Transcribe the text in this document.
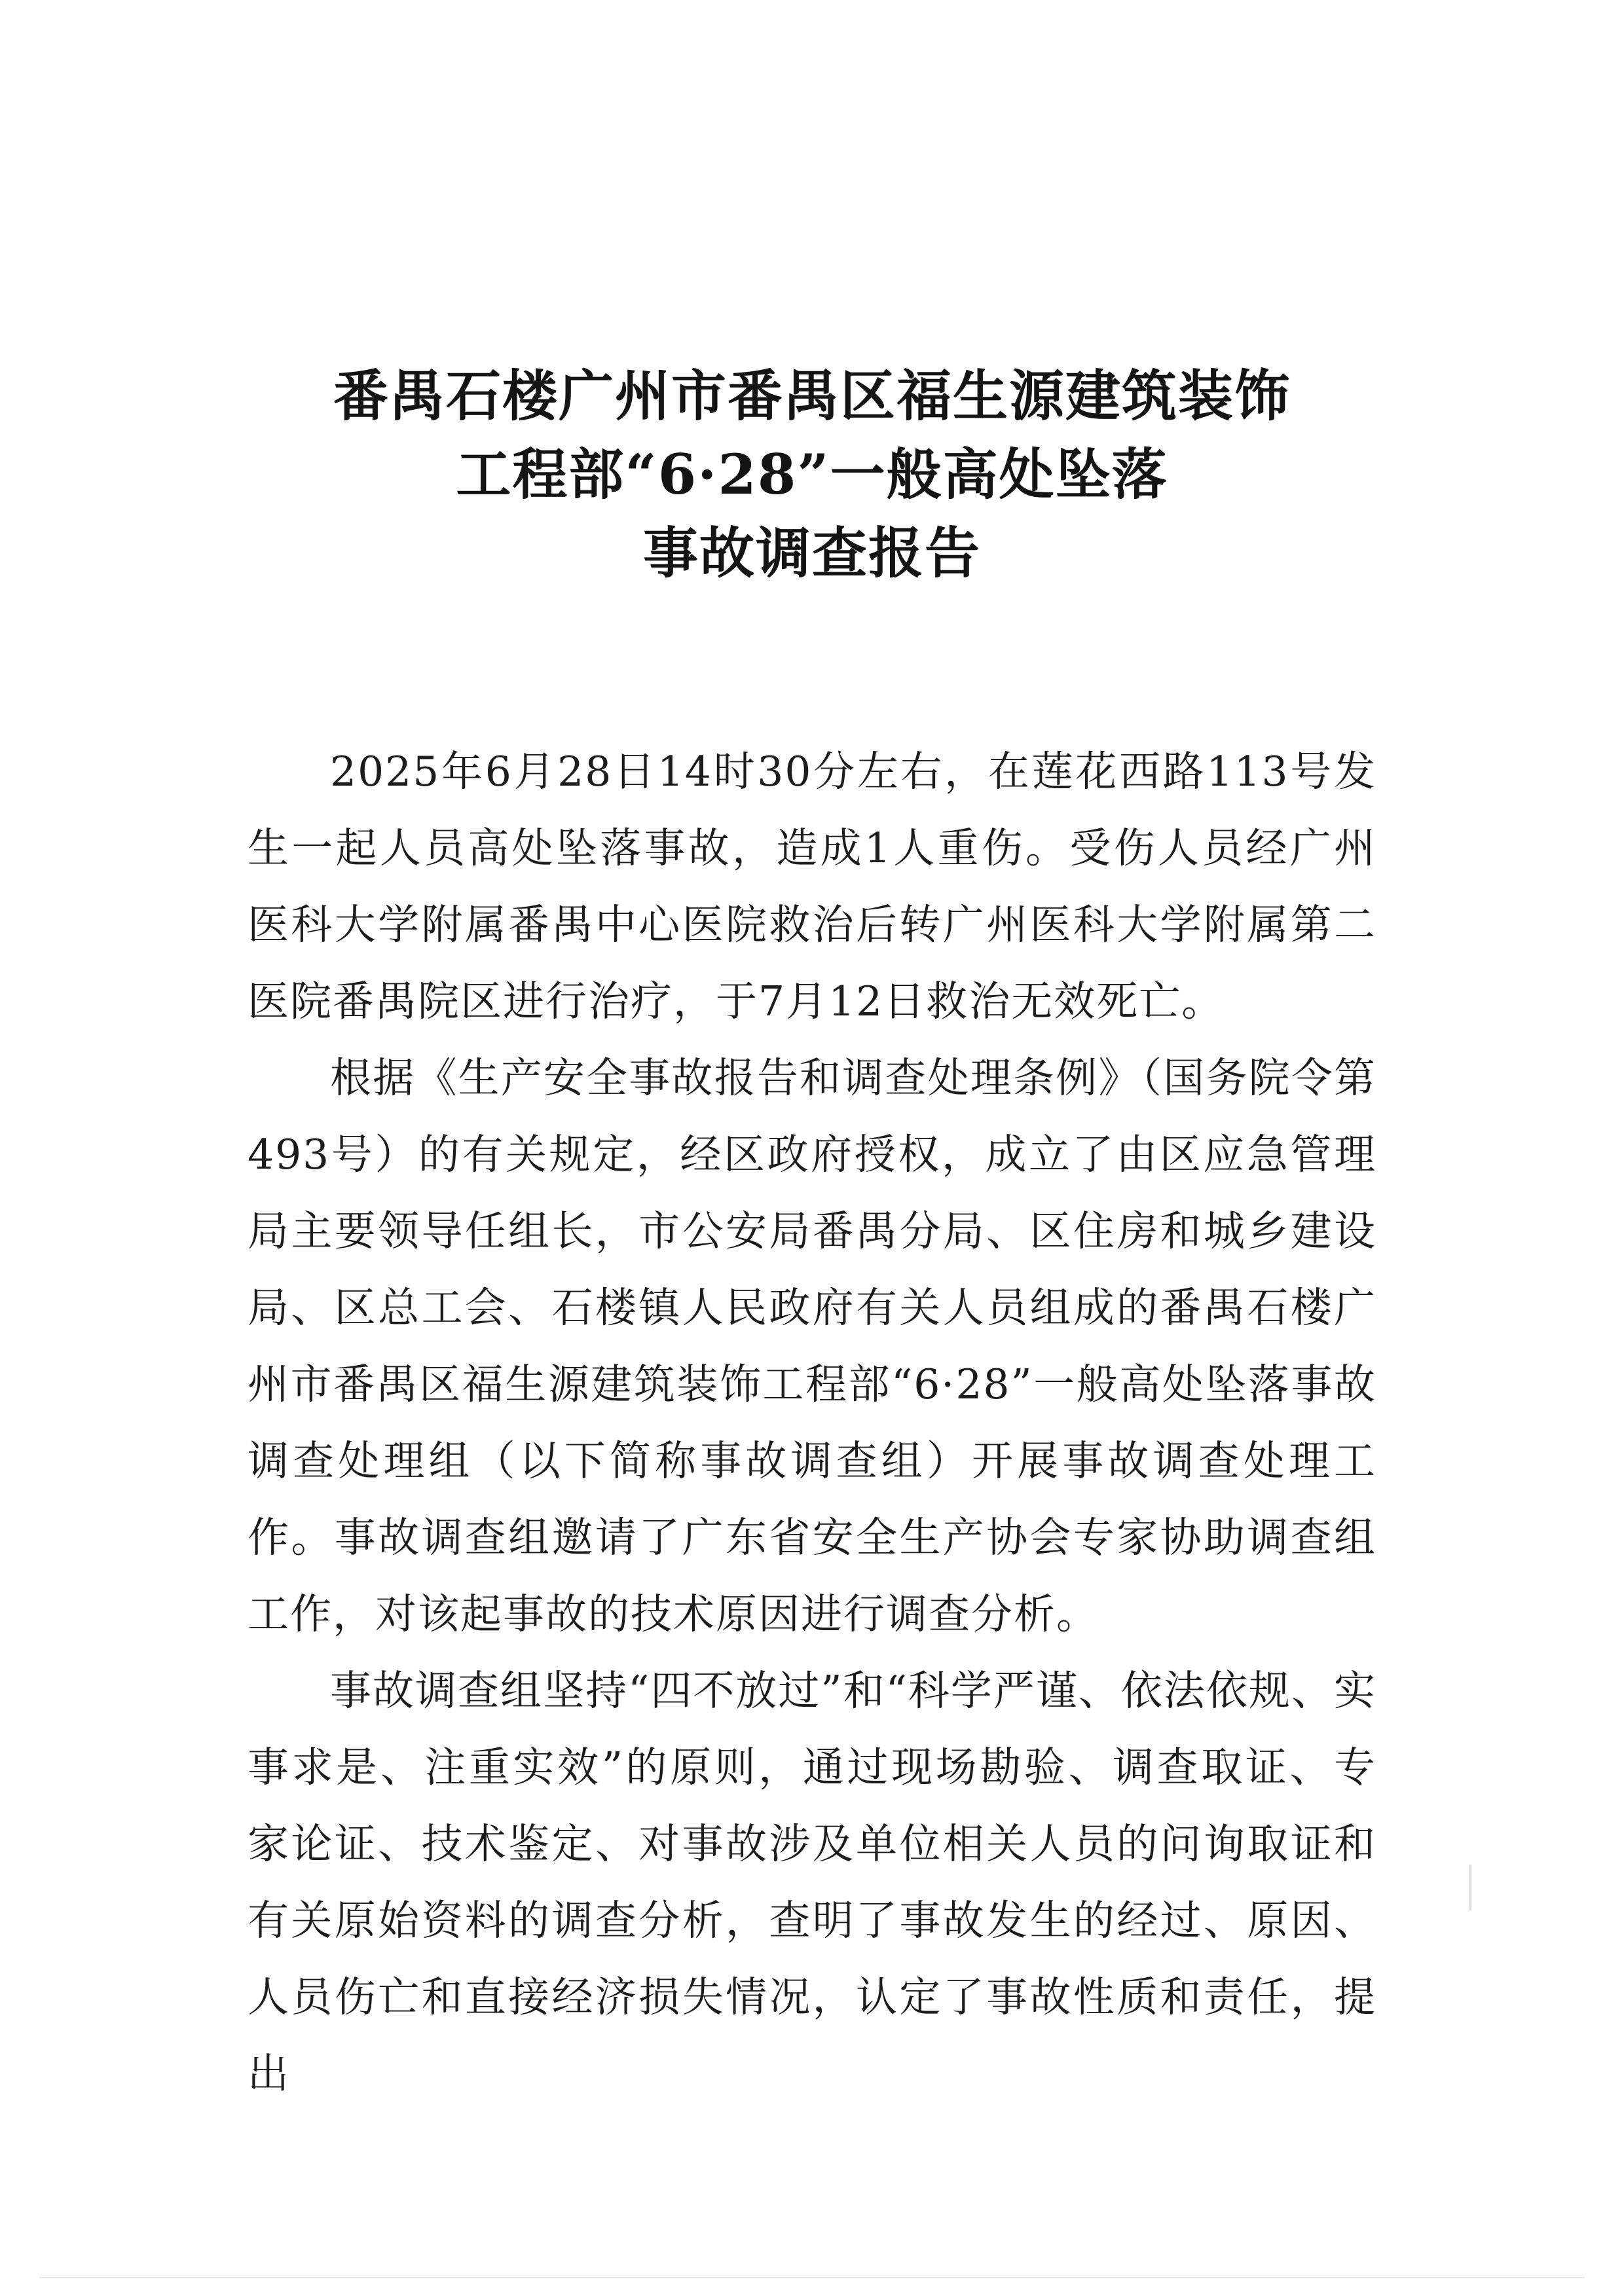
番禺石楼广州市番禺区福生源建筑装饰
工程部“6·28”一般高处坠落
事故调查报告

2025年6月28日14时30分左右，在莲花西路113号发生一起人员高处坠落事故，造成1人重伤。受伤人员经广州医科大学附属番禺中心医院救治后转广州医科大学附属第二医院番禺院区进行治疗，于7月12日救治无效死亡。

根据《生产安全事故报告和调查处理条例》（国务院令第493号）的有关规定，经区政府授权，成立了由区应急管理局主要领导任组长，市公安局番禺分局、区住房和城乡建设局、区总工会、石楼镇人民政府有关人员组成的番禺石楼广州市番禺区福生源建筑装饰工程部“6·28”一般高处坠落事故调查处理组（以下简称事故调查组）开展事故调查处理工作。事故调查组邀请了广东省安全生产协会专家协助调查组工作，对该起事故的技术原因进行调查分析。

事故调查组坚持“四不放过”和“科学严谨、依法依规、实事求是、注重实效”的原则，通过现场勘验、调查取证、专家论证、技术鉴定、对事故涉及单位相关人员的问询取证和有关原始资料的调查分析，查明了事故发生的经过、原因、人员伤亡和直接经济损失情况，认定了事故性质和责任，提出
